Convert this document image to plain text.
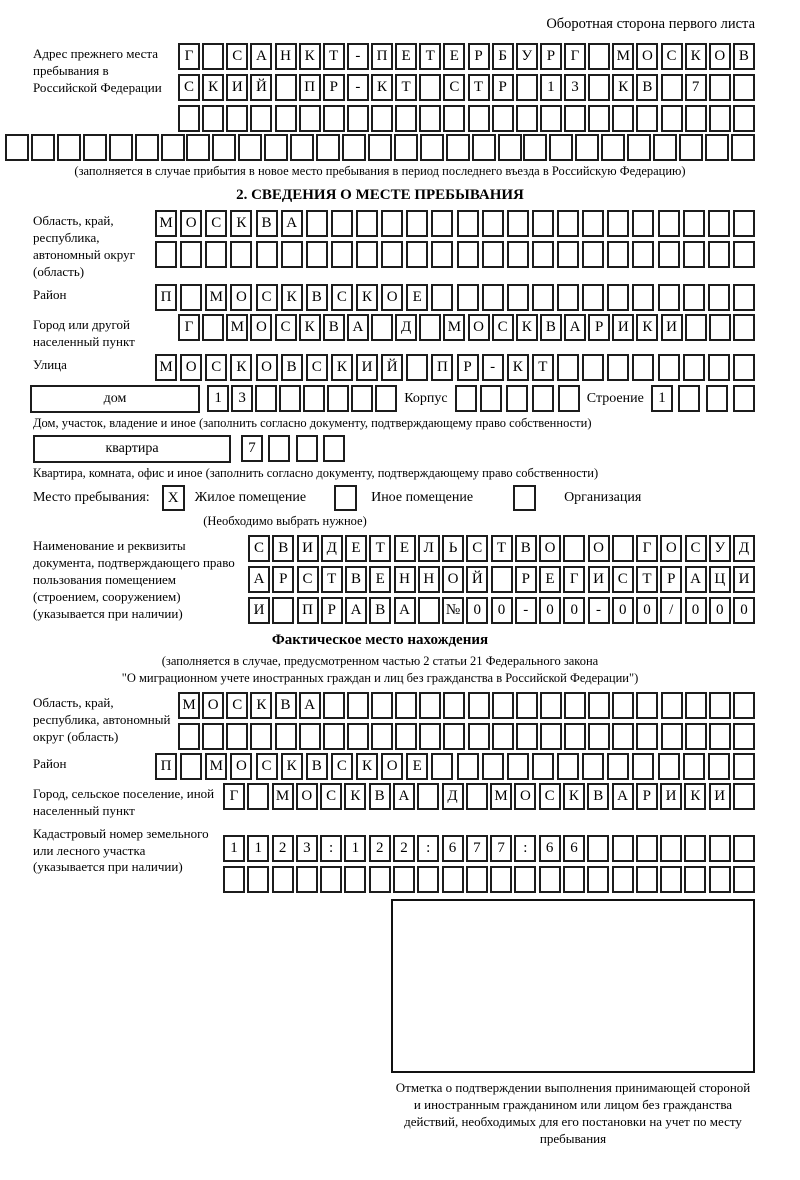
Оборотная сторона первого листа
Адрес прежнего места пребывания в Российской Федерации
Г	С А Н К Т	-	П Е Т Е	Р	Б У Р	Г	М О С К О В
С К И Й	П Р	-	К Т	С Т	Р	1	3	К В	7
(заполняется в случае прибытия в новое место пребывания в период последнего въезда в Российскую Федерацию)
2. СВЕДЕНИЯ О МЕСТЕ ПРЕБЫВАНИЯ
Область, край, республика, автономный округ (область)
М О С	К	В А
Район	П	М О С	К	В	С	К О	Е
Город или другой населенный пункт
Г	М О С К В А	Д	М О С К В А Р И К И
Улица	М О С	К О В	С	К И Й	П	Р	-	К	Т
дом	1	3	Корпус	Строение 1
Дом, участок, владение и иное (заполнить согласно документу, подтверждающему право собственности)
квартира	7
Квартира, комната, офис и иное (заполнить согласно документу, подтверждающему право собственности)
Место пребывания:	X	Жилое помещение	Иное помещение	Организация
(Необходимо выбрать нужное)
Наименование и реквизиты документа, подтверждающего право пользования помещением (строением, сооружением) (указывается при наличии)
С В И Д Е	Т	Е Л Ь С Т В О	О	Г О С У Д
А Р	С Т В Е Н Н О Й	Р	Е	Г И С Т	Р А Ц И
И	П Р А В А	№ 0	0	-	0	0	-	0	0	/	0	0	0
Фактическое место нахождения
(заполняется в случае, предусмотренном частью 2 статьи 21 Федерального закона
"О миграционном учете иностранных граждан и лиц без гражданства в Российской Федерации")
Область, край, республика, автономный округ (область)
М О С К В А
Район	П	М О С	К	В	С	К О	Е
Город, сельское поселение, иной населенный пункт
Г	М О С К В А	Д	М О С К В А Р И К И
Кадастровый номер земельного или лесного участка (указывается при наличии)
1	1	2	3	:	1	2	2	:	6	7	7	:	6	6
Отметка о подтверждении выполнения принимающей стороной и иностранным гражданином или лицом без гражданства действий, необходимых для его постановки на учет по месту пребывания
